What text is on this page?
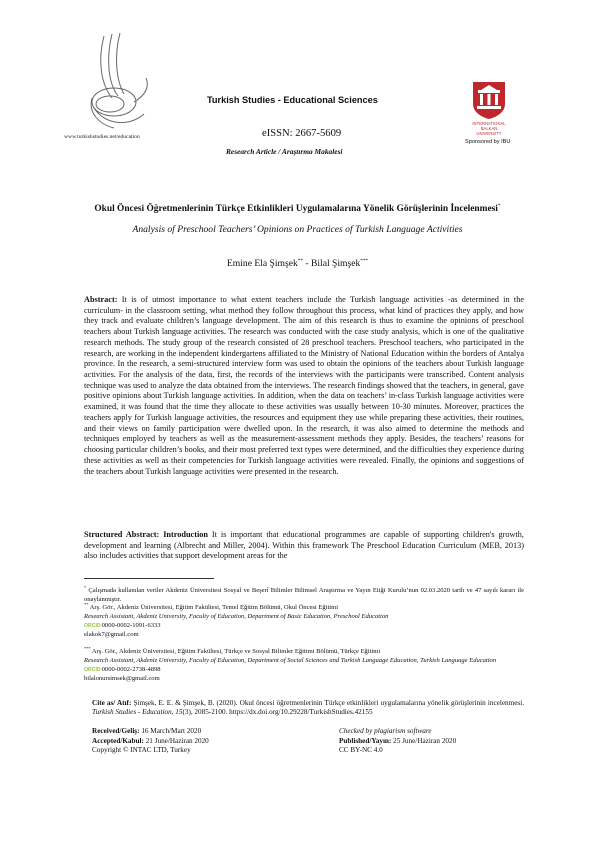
www.turkishstudies.net/education
Turkish Studies - Educational Sciences
eISSN: 2667-5609
Research Article / Araştırma Makalesi
INTERNATIONAL
BALKAN
UNIVERSITY
Sponsored by IBU
Okul Öncesi Öğretmenlerinin Türkçe Etkinlikleri Uygulamalarına Yönelik Görüşlerinin İncelenmesi*
Analysis of Preschool Teachers’ Opinions on Practices of Turkish Language Activities
Emine Ela Şimşek** - Bilal Şimşek***
Abstract: It is of utmost importance to what extent teachers include the Turkish language activities -as determined in the curriculum- in the classroom setting, what method they follow throughout this process, what kind of practices they apply, and how they track and evaluate children’s language development. The aim of this research is thus to examine the opinions of preschool teachers about Turkish language activities. The research was conducted with the case study analysis, which is one of the qualitative research methods. The study group of the research consisted of 28 preschool teachers. Preschool teachers, who participated in the research, are working in the independent kindergartens affiliated to the Ministry of National Education within the borders of Antalya province. In the research, a semi-structured interview form was used to obtain the opinions of the teachers about Turkish language activities. For the analysis of the data, first, the records of the interviews with the participants were transcribed. Content analysis technique was used to analyze the data obtained from the interviews. The research findings showed that the teachers, in general, gave positive opinions about Turkish language activities. In addition, when the data on teachers’ in-class Turkish language activities were examined, it was found that the time they allocate to these activities was usually between 10-30 minutes. Moreover, practices the teachers apply for Turkish language activities, the resources and equipment they use while preparing these activities, their routines, and their views on family participation were dwelled upon. In the research, it was also aimed to determine the methods and techniques employed by teachers as well as the measurement-assessment methods they apply. Besides, the teachers’ reasons for choosing particular children’s books, and their most preferred text types were determined, and the difficulties they experience during these activities as well as their competencies for Turkish language activities were revealed. Finally, the opinions and suggestions of the teachers about Turkish language activities were presented in the research.
Structured Abstract: Introduction It is important that educational programmes are capable of supporting children's growth, development and learning (Albrecht and Miller, 2004). Within this framework The Preschool Education Curriculum (MEB, 2013) also includes activities that support development areas for the
* Çalışmada kullanılan veriler Akdeniz Üniversitesi Sosyal ve Beşerî Bilimler Bilimsel Araştırma ve Yayın Etiği Kurulu’nun 02.03.2020 tarih ve 47 sayılı kararı ile onaylanmıştır.
** Arş. Gör., Akdeniz Üniversitesi, Eğitim Fakültesi, Temel Eğitim Bölümü, Okul Öncesi Eğitimi
Research Assistant, Akdeniz University, Faculty of Education, Department of Basic Education, Preschool Education
ORCID 0000-0002-1091-6333
elakok7@gmail.com
*** Arş. Gör., Akdeniz Üniversitesi, Eğitim Fakültesi, Türkçe ve Sosyal Bilimler Eğitimi Bölümü, Türkçe Eğitimi
Research Assistant, Akdeniz University, Faculty of Education, Department of Social Sciences and Turkish Language Education, Turkish Language Education
ORCID 0000-0002-2738-4898
bilalonursimsek@gmail.com
Cite as/ Atıf: Şimşek, E. E. & Şimşek, B. (2020). Okul öncesi öğretmenlerinin Türkçe etkinlikleri uygulamalarına yönelik görüşlerinin incelenmesi. Turkish Studies - Education, 15(3), 2085-2100. https://dx.doi.org/10.29228/TurkishStudies.42155
Received/Geliş: 16 March/Mart 2020	Checked by plagiarism software
Accepted/Kabul: 21 June/Haziran 2020	Published/Yayın: 25 June/Haziran 2020
Copyright © INTAC LTD, Turkey	CC BY-NC 4.0
